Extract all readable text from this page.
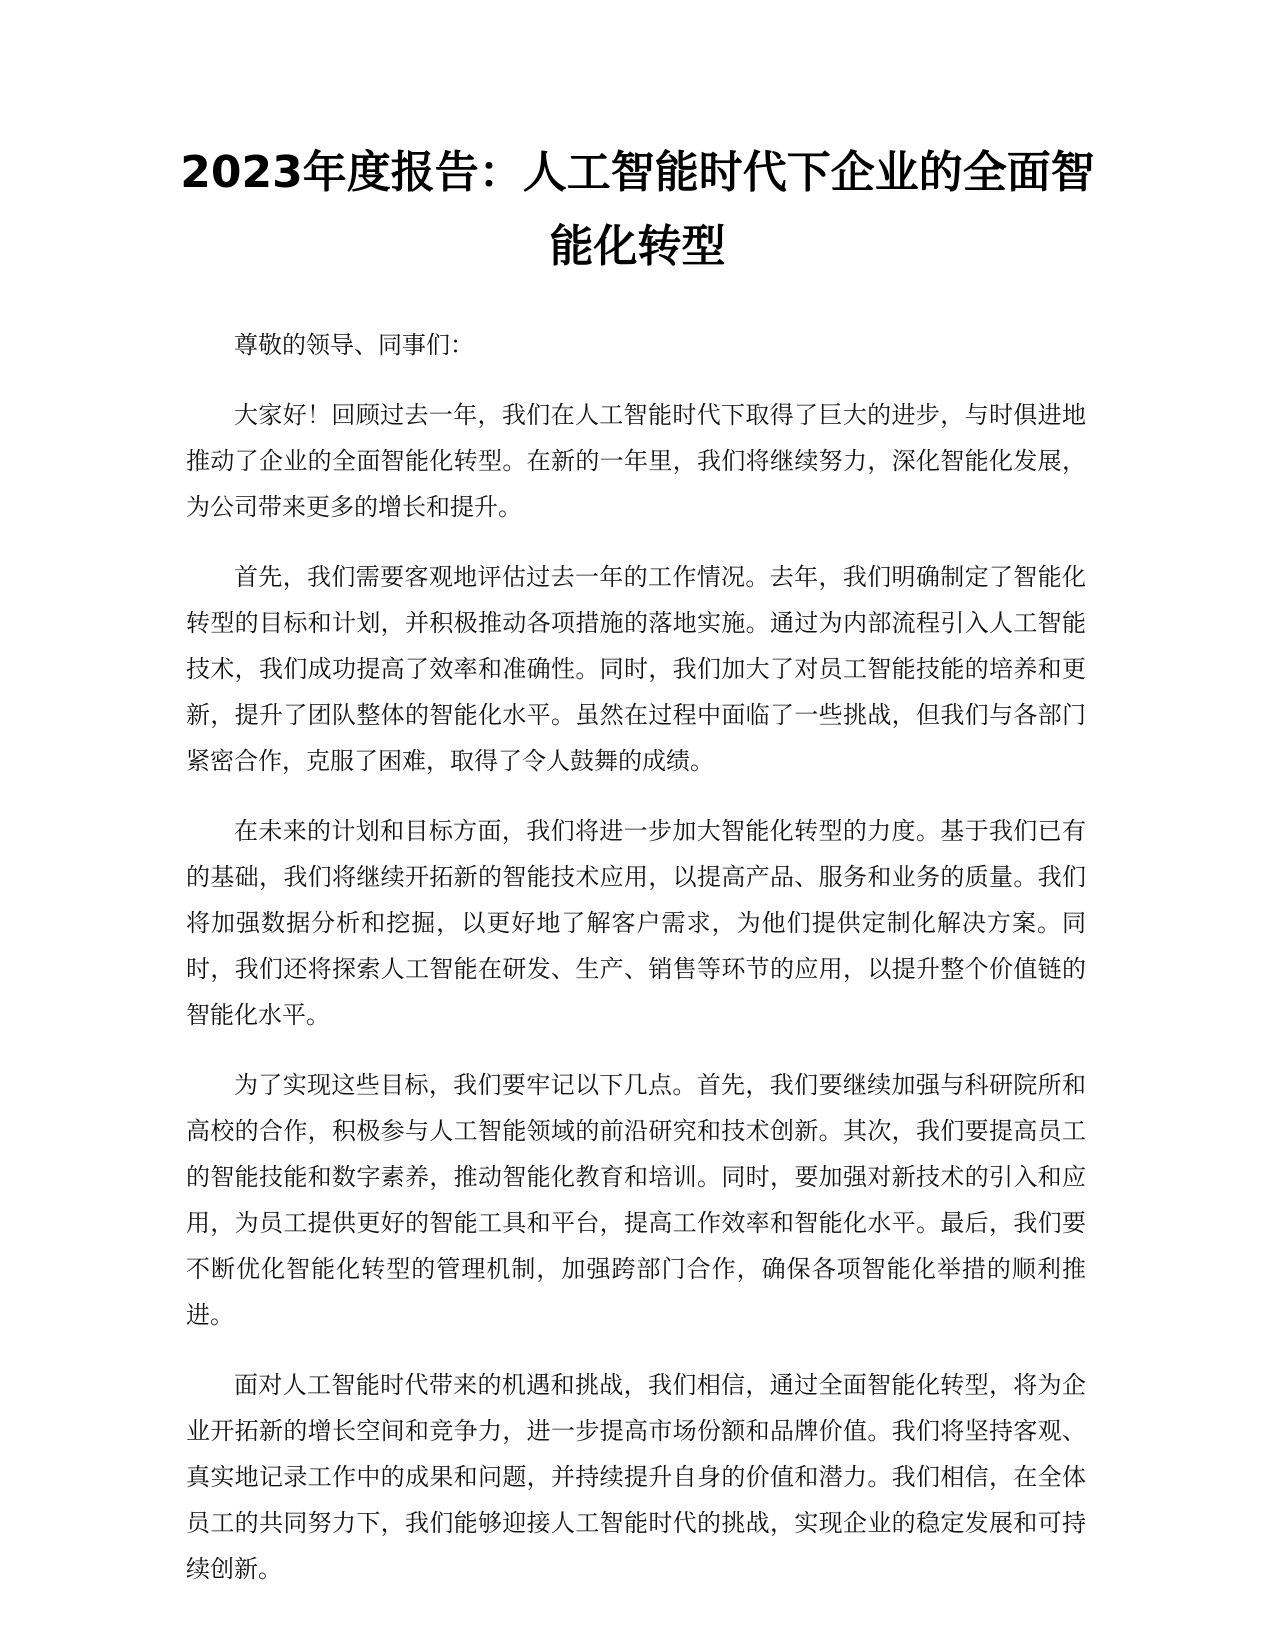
2023年度报告：人工智能时代下企业的全面智能化转型

尊敬的领导、同事们：

大家好！回顾过去一年，我们在人工智能时代下取得了巨大的进步，与时俱进地推动了企业的全面智能化转型。在新的一年里，我们将继续努力，深化智能化发展，为公司带来更多的增长和提升。

首先，我们需要客观地评估过去一年的工作情况。去年，我们明确制定了智能化转型的目标和计划，并积极推动各项措施的落地实施。通过为内部流程引入人工智能技术，我们成功提高了效率和准确性。同时，我们加大了对员工智能技能的培养和更新，提升了团队整体的智能化水平。虽然在过程中面临了一些挑战，但我们与各部门紧密合作，克服了困难，取得了令人鼓舞的成绩。

在未来的计划和目标方面，我们将进一步加大智能化转型的力度。基于我们已有的基础，我们将继续开拓新的智能技术应用，以提高产品、服务和业务的质量。我们将加强数据分析和挖掘，以更好地了解客户需求，为他们提供定制化解决方案。同时，我们还将探索人工智能在研发、生产、销售等环节的应用，以提升整个价值链的智能化水平。

为了实现这些目标，我们要牢记以下几点。首先，我们要继续加强与科研院所和高校的合作，积极参与人工智能领域的前沿研究和技术创新。其次，我们要提高员工的智能技能和数字素养，推动智能化教育和培训。同时，要加强对新技术的引入和应用，为员工提供更好的智能工具和平台，提高工作效率和智能化水平。最后，我们要不断优化智能化转型的管理机制，加强跨部门合作，确保各项智能化举措的顺利推进。

面对人工智能时代带来的机遇和挑战，我们相信，通过全面智能化转型，将为企业开拓新的增长空间和竞争力，进一步提高市场份额和品牌价值。我们将坚持客观、真实地记录工作中的成果和问题，并持续提升自身的价值和潜力。我们相信，在全体员工的共同努力下，我们能够迎接人工智能时代的挑战，实现企业的稳定发展和可持续创新。
